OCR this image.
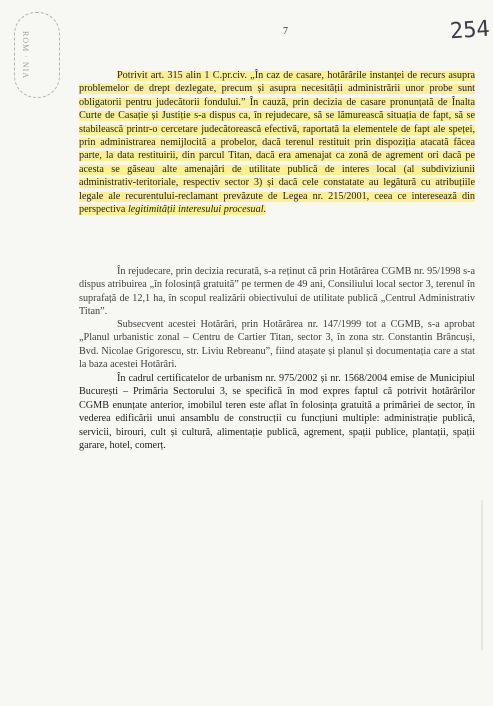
ROM · NIA	7	254
Potrivit art. 315 alin 1 C.pr.civ. „În caz de casare, hotărârile instanței de recurs asupra problemelor de drept dezlegate, precum și asupra necesității administrării unor probe sunt obligatorii pentru judecătorii fondului.” În cauză, prin decizia de casare pronunțată de Înalta Curte de Casație și Justiție s-a dispus ca, în rejudecare, să se lămurească situația de fapt, să se stabilească printr-o cercetare judecătorească efectivă, raportată la elementele de fapt ale speței, prin administrarea nemijlocită a probelor, dacă terenul restituit prin dispoziția atacată făcea parte, la data restituirii, din parcul Titan, dacă era amenajat ca zonă de agrement ori dacă pe acesta se găseau alte amenajări de utilitate publică de interes local (al subdiviziunii administrativ-teritoriale, respectiv sector 3) și dacă cele constatate au legătură cu atribuțiile legale ale recurentului-reclamant prevăzute de Legea nr. 215/2001, ceea ce interesează din perspectiva legitimității interesului procesual.
În rejudecare, prin decizia recurată, s-a reținut că prin Hotărârea CGMB nr. 95/1998 s-a dispus atribuirea „în folosință gratuită” pe termen de 49 ani, Consiliului local sector 3, terenul în suprafață de 12,1 ha, în scopul realizării obiectivului de utilitate publică „Centrul Administrativ Titan”.
Subsecvent acestei Hotărâri, prin Hotărârea nr. 147/1999 tot a CGMB, s-a aprobat „Planul urbanistic zonal – Centru de Cartier Titan, sector 3, în zona str. Constantin Brâncuși, Bvd. Nicolae Grigorescu, str. Liviu Rebreanu”, fiind atașate și planul și documentația care a stat la baza acestei Hotărâri.
În cadrul certificatelor de urbanism nr. 975/2002 și nr. 1568/2004 emise de Municipiul București – Primăria Sectorului 3, se specifică în mod expres faptul că potrivit hotărârilor CGMB enunțate anterior, imobilul teren este aflat în folosința gratuită a primăriei de sector, în vederea edificării unui ansamblu de construcții cu funcțiuni multiple: administrație publică, servicii, birouri, cult și cultură, alimentație publică, agrement, spații publice, plantații, spații garare, hotel, comerț.
